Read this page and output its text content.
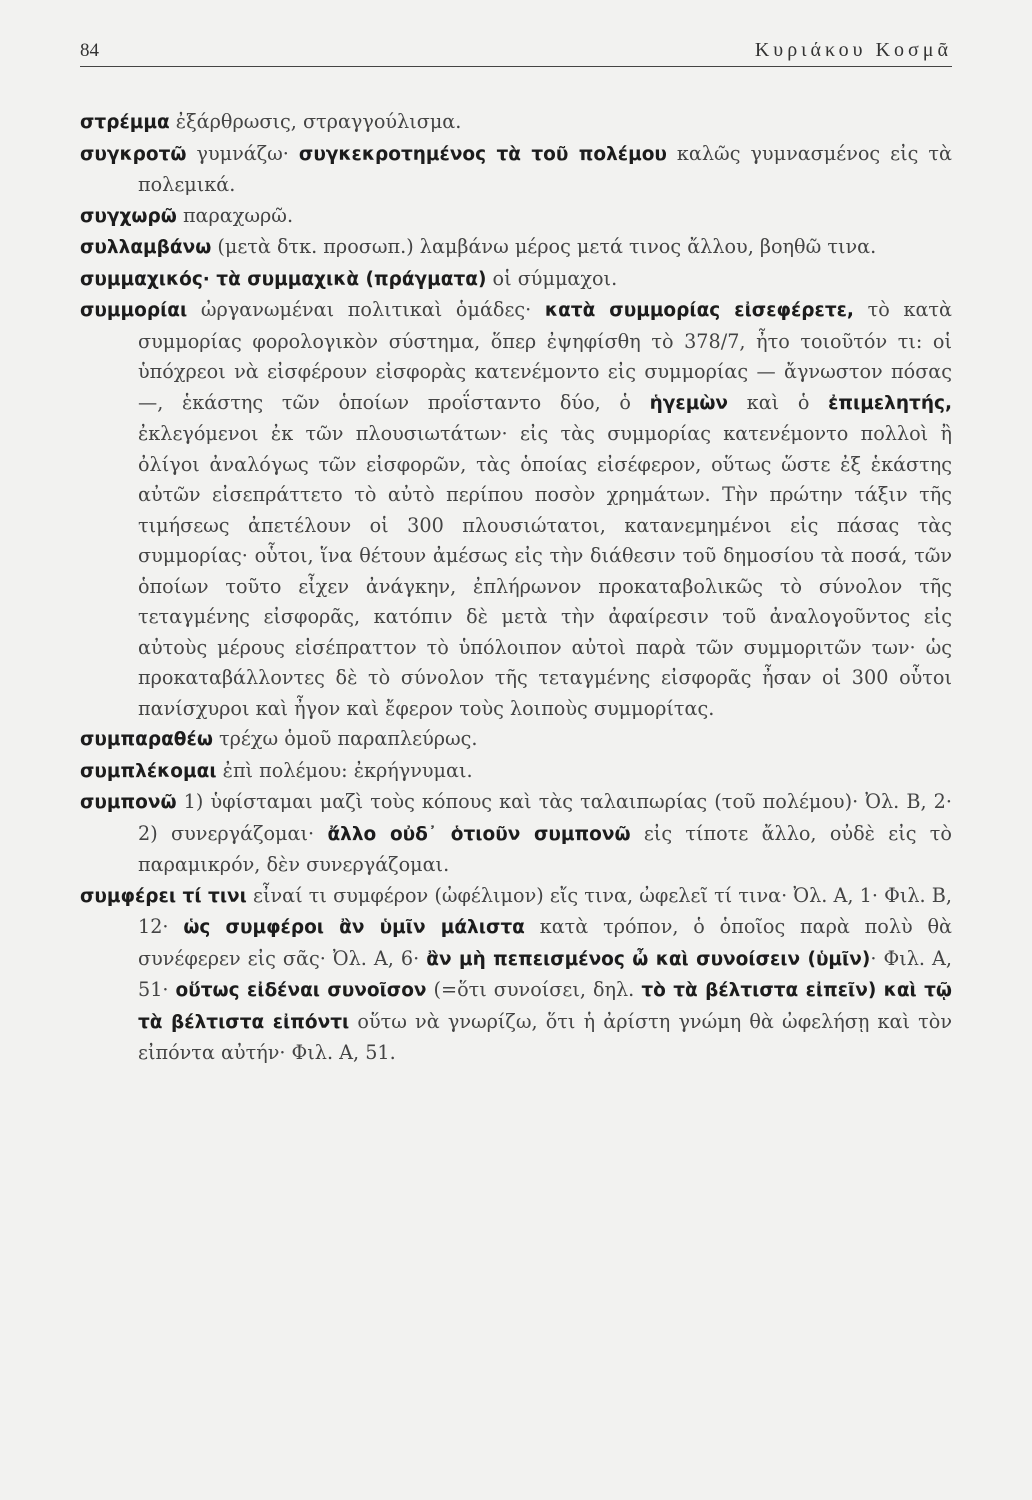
84	Κυριάκου Κοσμᾶ

στρέμμα ἐξάρθρωσις, στραγγούλισμα.

συγκροτῶ γυμνάζω· συγκεκροτημένος τὰ τοῦ πολέμου καλῶς γυμνασμένος εἰς τὰ πολεμικά.

συγχωρῶ παραχωρῶ.

συλλαμβάνω (μετὰ δτκ. προσωπ.) λαμβάνω μέρος μετά τινος ἄλλου, βοηθῶ τινα.

συμμαχικός· τὰ συμμαχικὰ (πράγματα) οἱ σύμμαχοι.

συμμορίαι ὠργανωμέναι πολιτικαὶ ὁμάδες· κατὰ συμμορίας εἰσεφέρετε, τὸ κατὰ συμμορίας φορολογικὸν σύστημα, ὅπερ ἐψηφίσθη τὸ 378/7, ἦτο τοιοῦτόν τι: οἱ ὑπόχρεοι νὰ εἰσφέρουν εἰσφορὰς κατενέμοντο εἰς συμμορίας — ἄγνωστον πόσας —, ἑκάστης τῶν ὁποίων προΐσταντο δύο, ὁ ἡγεμὼν καὶ ὁ ἐπιμελητής, ἐκλεγόμενοι ἐκ τῶν πλουσιωτάτων· εἰς τὰς συμμορίας κατενέμοντο πολλοὶ ἢ ὀλίγοι ἀναλόγως τῶν εἰσφορῶν, τὰς ὁποίας εἰσέφερον, οὕτως ὥστε ἐξ ἑκάστης αὐτῶν εἰσεπράττετο τὸ αὐτὸ περίπου ποσὸν χρημάτων. Τὴν πρώτην τάξιν τῆς τιμήσεως ἀπετέλουν οἱ 300 πλουσιώτατοι, κατανεμημένοι εἰς πάσας τὰς συμμορίας· οὗτοι, ἵνα θέτουν ἀμέσως εἰς τὴν διάθεσιν τοῦ δημοσίου τὰ ποσά, τῶν ὁποίων τοῦτο εἶχεν ἀνάγκην, ἐπλήρωνον προκαταβολικῶς τὸ σύνολον τῆς τεταγμένης εἰσφορᾶς, κατόπιν δὲ μετὰ τὴν ἀφαίρεσιν τοῦ ἀναλογοῦντος εἰς αὐτοὺς μέρους εἰσέπραττον τὸ ὑπόλοιπον αὐτοὶ παρὰ τῶν συμμοριτῶν των· ὡς προκαταβάλλοντες δὲ τὸ σύνολον τῆς τεταγμένης εἰσφορᾶς ἦσαν οἱ 300 οὗτοι πανίσχυροι καὶ ἦγον καὶ ἔφερον τοὺς λοιποὺς συμμορίτας.

συμπαραθέω τρέχω ὁμοῦ παραπλεύρως.

συμπλέκομαι ἐπὶ πολέμου: ἐκρήγνυμαι.

συμπονῶ 1) ὑφίσταμαι μαζὶ τοὺς κόπους καὶ τὰς ταλαιπωρίας (τοῦ πολέμου)· Ὀλ. Β, 2· 2) συνεργάζομαι· ἄλλο οὐδ᾽ ὁτιοῦν συμπονῶ εἰς τίποτε ἄλλο, οὐδὲ εἰς τὸ παραμικρόν, δὲν συνεργάζομαι.

συμφέρει τί τινι εἶναί τι συμφέρον (ὠφέλιμον) εἴς τινα, ὠφελεῖ τί τινα· Ὀλ. Α, 1· Φιλ. Β, 12· ὡς συμφέροι ἂν ὑμῖν μάλιστα κατὰ τρόπον, ὁ ὁποῖος παρὰ πολὺ θὰ συνέφερεν εἰς σᾶς· Ὀλ. Α, 6· ἂν μὴ πεπεισμένος ὦ καὶ συνοίσειν (ὑμῖν)· Φιλ. Α, 51· οὕτως εἰδέναι συνοῖσον (=ὅτι συνοίσει, δηλ. τὸ τὰ βέλτιστα εἰπεῖν) καὶ τῷ τὰ βέλτιστα εἰπόντι οὕτω νὰ γνωρίζω, ὅτι ἡ ἀρίστη γνώμη θὰ ὠφελήσῃ καὶ τὸν εἰπόντα αὐτήν· Φιλ. Α, 51.
